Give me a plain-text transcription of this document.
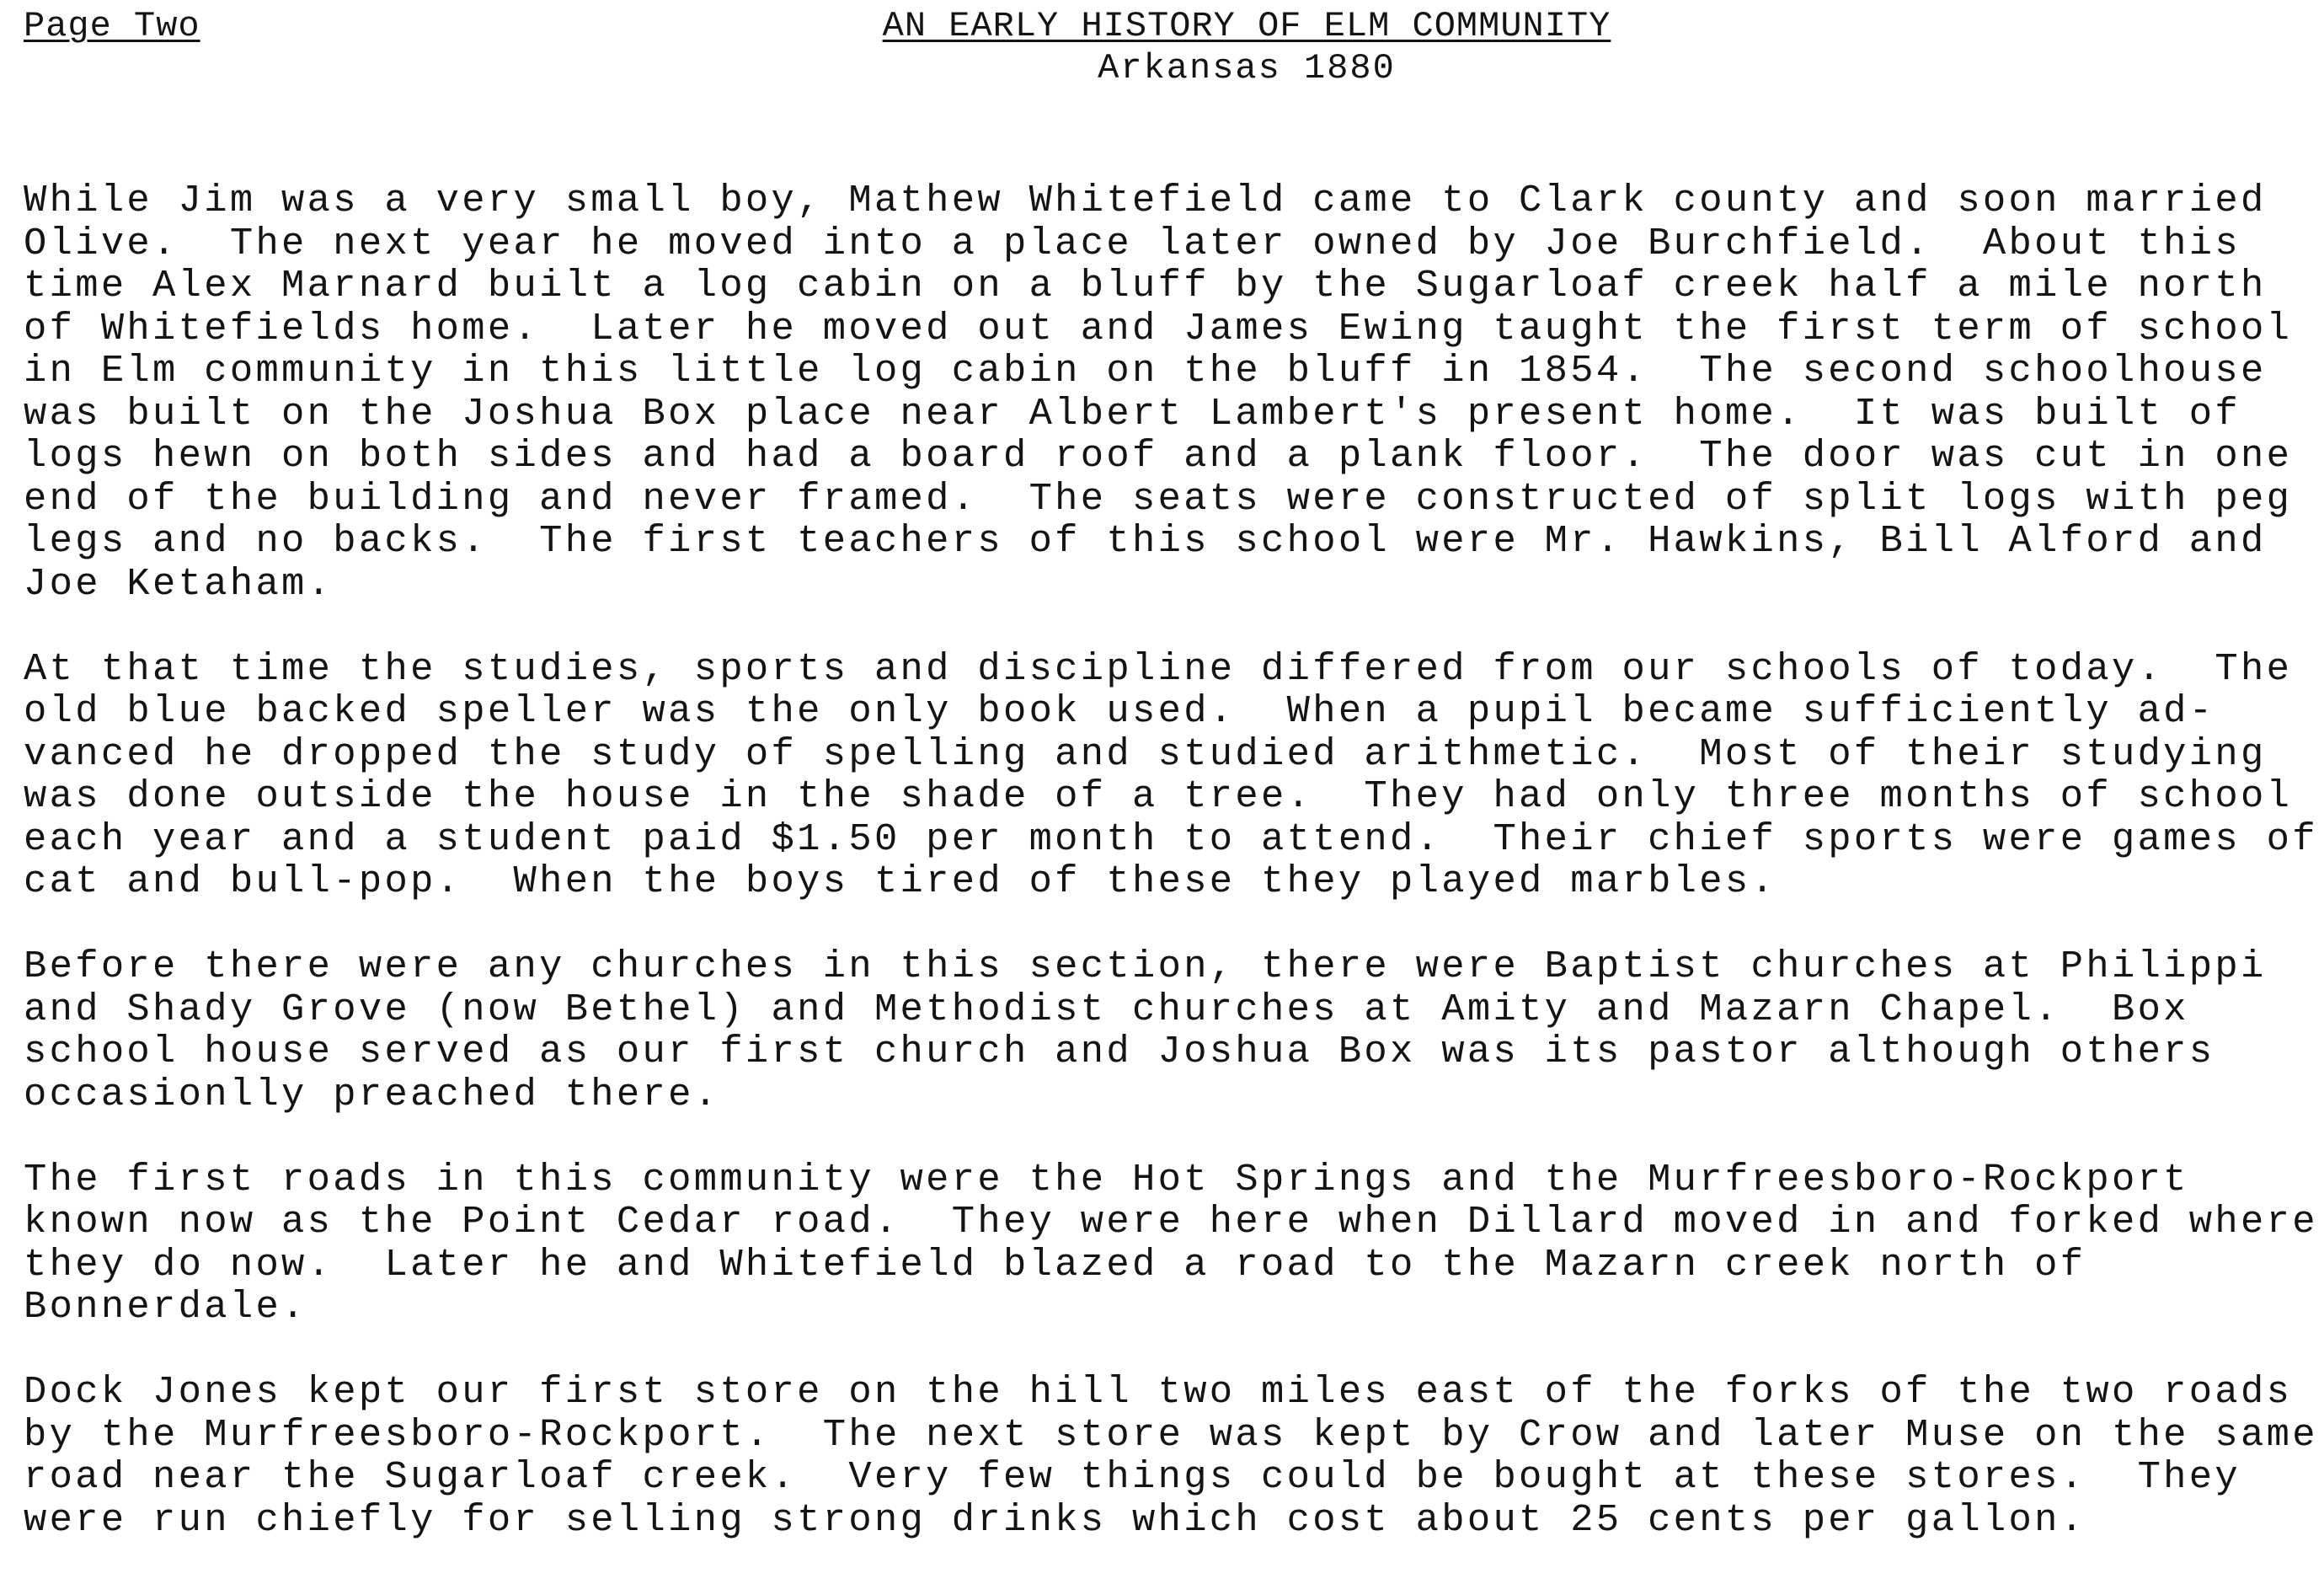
Page Two	AN EARLY HISTORY OF ELM COMMUNITY
Arkansas 1880
While Jim was a very small boy, Mathew Whitefield came to Clark county and soon married
Olive.  The next year he moved into a place later owned by Joe Burchfield.  About this
time Alex Marnard built a log cabin on a bluff by the Sugarloaf creek half a mile north
of Whitefields home.  Later he moved out and James Ewing taught the first term of school
in Elm community in this little log cabin on the bluff in 1854.  The second schoolhouse
was built on the Joshua Box place near Albert Lambert's present home.  It was built of
logs hewn on both sides and had a board roof and a plank floor.  The door was cut in one
end of the building and never framed.  The seats were constructed of split logs with peg
legs and no backs.  The first teachers of this school were Mr. Hawkins, Bill Alford and
Joe Ketaham.
At that time the studies, sports and discipline differed from our schools of today.  The
old blue backed speller was the only book used.  When a pupil became sufficiently ad-
vanced he dropped the study of spelling and studied arithmetic.  Most of their studying
was done outside the house in the shade of a tree.  They had only three months of school
each year and a student paid $1.50 per month to attend.  Their chief sports were games of
cat and bull-pop.  When the boys tired of these they played marbles.
Before there were any churches in this section, there were Baptist churches at Philippi
and Shady Grove (now Bethel) and Methodist churches at Amity and Mazarn Chapel.  Box
school house served as our first church and Joshua Box was its pastor although others
occasionlly preached there.
The first roads in this community were the Hot Springs and the Murfreesboro-Rockport
known now as the Point Cedar road.  They were here when Dillard moved in and forked where
they do now.  Later he and Whitefield blazed a road to the Mazarn creek north of
Bonnerdale.
Dock Jones kept our first store on the hill two miles east of the forks of the two roads
by the Murfreesboro-Rockport.  The next store was kept by Crow and later Muse on the same
road near the Sugarloaf creek.  Very few things could be bought at these stores.  They
were run chiefly for selling strong drinks which cost about 25 cents per gallon.
